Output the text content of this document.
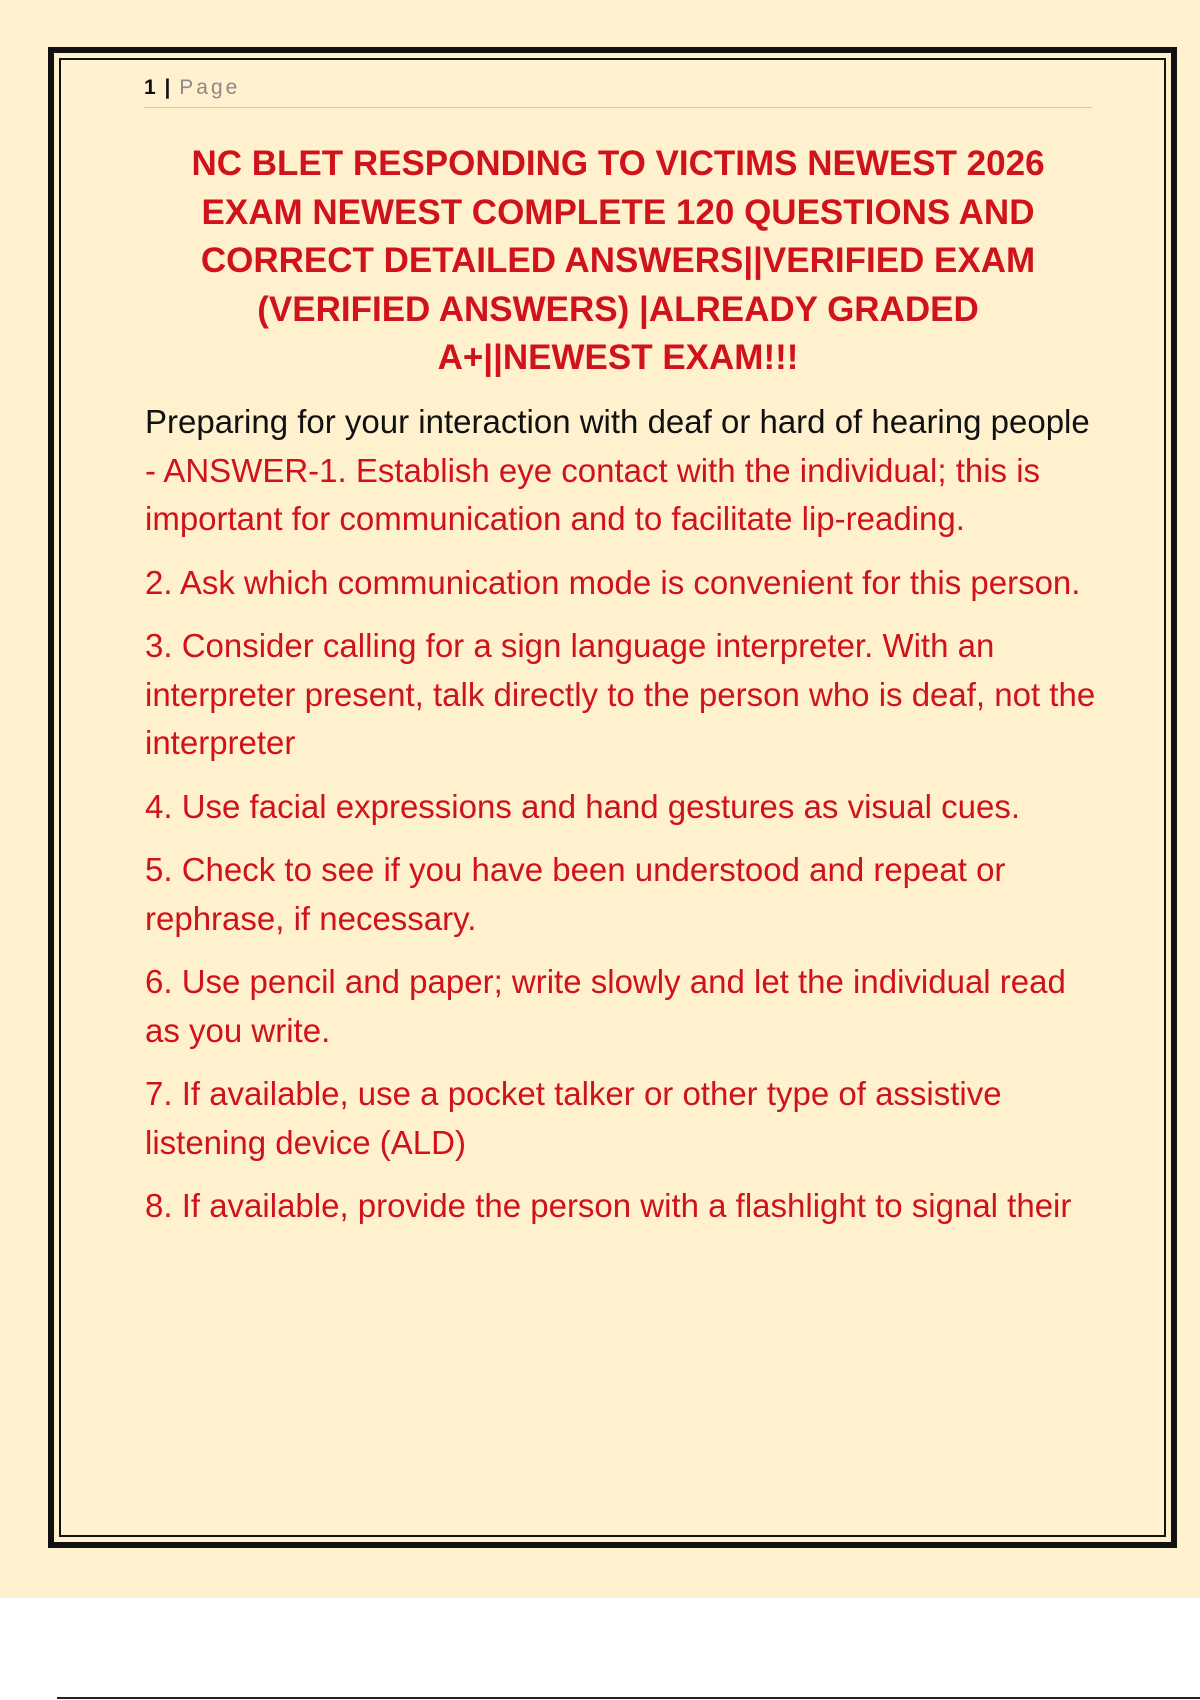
1 | Page
NC BLET RESPONDING TO VICTIMS NEWEST 2026 EXAM NEWEST COMPLETE 120 QUESTIONS AND CORRECT DETAILED ANSWERS||VERIFIED EXAM (VERIFIED ANSWERS) |ALREADY GRADED A+||NEWEST EXAM!!!

Preparing for your interaction with deaf or hard of hearing people - ANSWER-1. Establish eye contact with the individual; this is important for communication and to facilitate lip-reading.

2. Ask which communication mode is convenient for this person.

3. Consider calling for a sign language interpreter. With an interpreter present, talk directly to the person who is deaf, not the interpreter

4. Use facial expressions and hand gestures as visual cues.

5. Check to see if you have been understood and repeat or rephrase, if necessary.

6. Use pencil and paper; write slowly and let the individual read as you write.

7. If available, use a pocket talker or other type of assistive listening device (ALD)

8. If available, provide the person with a flashlight to signal their
